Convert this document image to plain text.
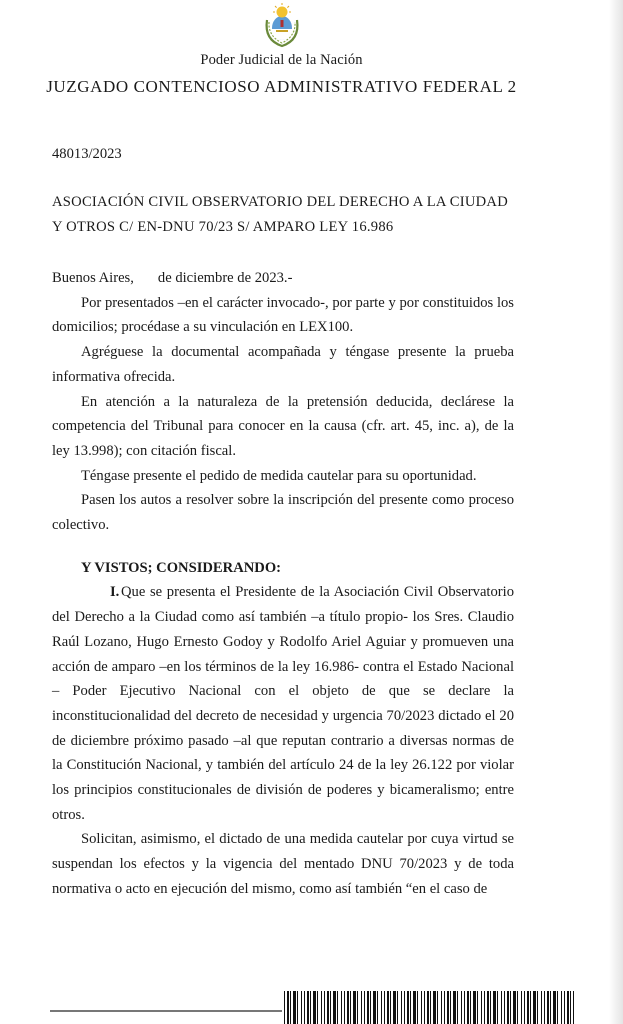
Poder Judicial de la Nación
JUZGADO CONTENCIOSO ADMINISTRATIVO FEDERAL 2
48013/2023
ASOCIACIÓN CIVIL OBSERVATORIO DEL DERECHO A LA CIUDAD
Y OTROS C/ EN-DNU 70/23 S/ AMPARO LEY 16.986

Buenos Aires, de diciembre de 2023.-

Por presentados –en el carácter invocado-, por parte y por constituidos los domicilios; procédase a su vinculación en LEX100.

Agréguese la documental acompañada y téngase presente la prueba informativa ofrecida.

En atención a la naturaleza de la pretensión deducida, declárese la competencia del Tribunal para conocer en la causa (cfr. art. 45, inc. a), de la ley 13.998); con citación fiscal.

Téngase presente el pedido de medida cautelar para su oportunidad.

Pasen los autos a resolver sobre la inscripción del presente como proceso colectivo.

Y VISTOS; CONSIDERANDO:

I. Que se presenta el Presidente de la Asociación Civil Observatorio del Derecho a la Ciudad como así también –a título propio- los Sres. Claudio Raúl Lozano, Hugo Ernesto Godoy y Rodolfo Ariel Aguiar y promueven una acción de amparo –en los términos de la ley 16.986- contra el Estado Nacional – Poder Ejecutivo Nacional con el objeto de que se declare la inconstitucionalidad del decreto de necesidad y urgencia 70/2023 dictado el 20 de diciembre próximo pasado –al que reputan contrario a diversas normas de la Constitución Nacional, y también del artículo 24 de la ley 26.122 por violar los principios constitucionales de división de poderes y bicameralismo; entre otros.

Solicitan, asimismo, el dictado de una medida cautelar por cuya virtud se suspendan los efectos y la vigencia del mentado DNU 70/2023 y de toda normativa o acto en ejecución del mismo, como así también “en el caso de
